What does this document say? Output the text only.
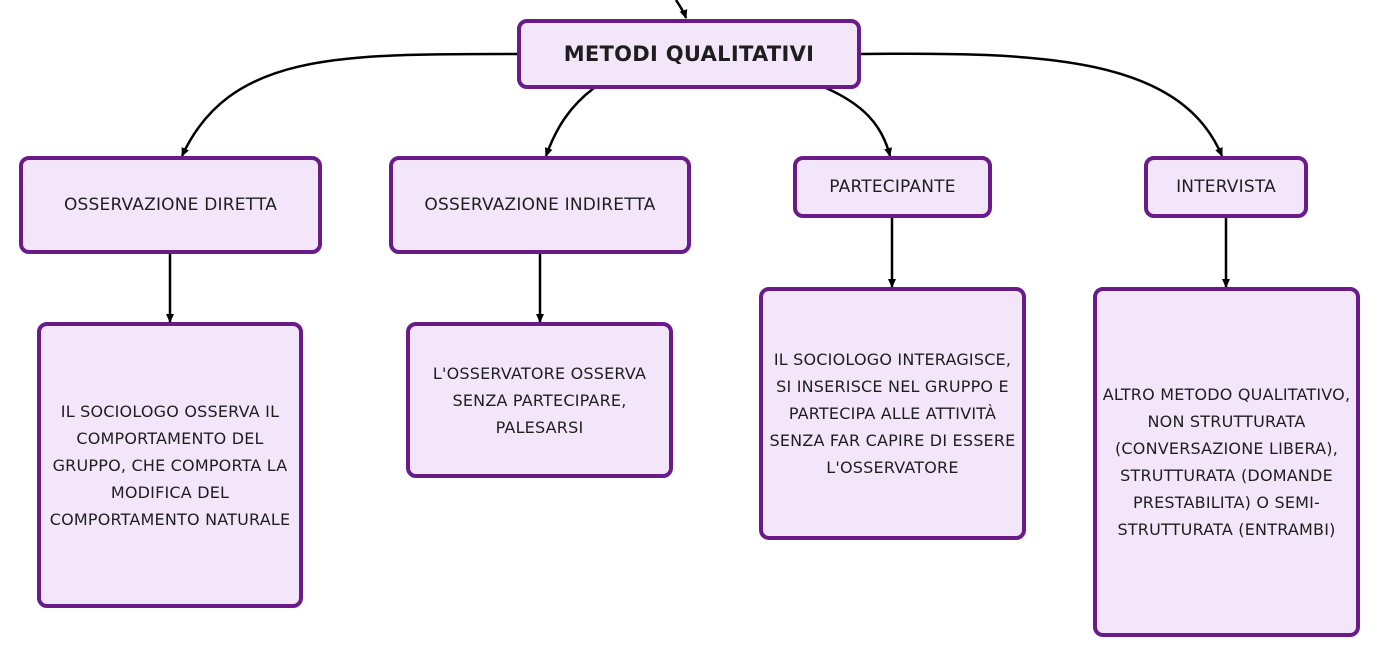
METODI QUALITATIVI
OSSERVAZIONE DIRETTA	OSSERVAZIONE INDIRETTA
PARTECIPANTE	INTERVISTA
IL SOCIOLOGO OSSERVA IL COMPORTAMENTO DEL GRUPPO, CHE COMPORTA LA MODIFICA DEL COMPORTAMENTO NATURALE
L'OSSERVATORE OSSERVA SENZA PARTECIPARE, PALESARSI
IL SOCIOLOGO INTERAGISCE, SI INSERISCE NEL GRUPPO E PARTECIPA ALLE ATTIVITÀ SENZA FAR CAPIRE DI ESSERE L'OSSERVATORE
ALTRO METODO QUALITATIVO, NON STRUTTURATA (CONVERSAZIONE LIBERA), STRUTTURATA (DOMANDE PRESTABILITA) O SEMI-STRUTTURATA (ENTRAMBI)
